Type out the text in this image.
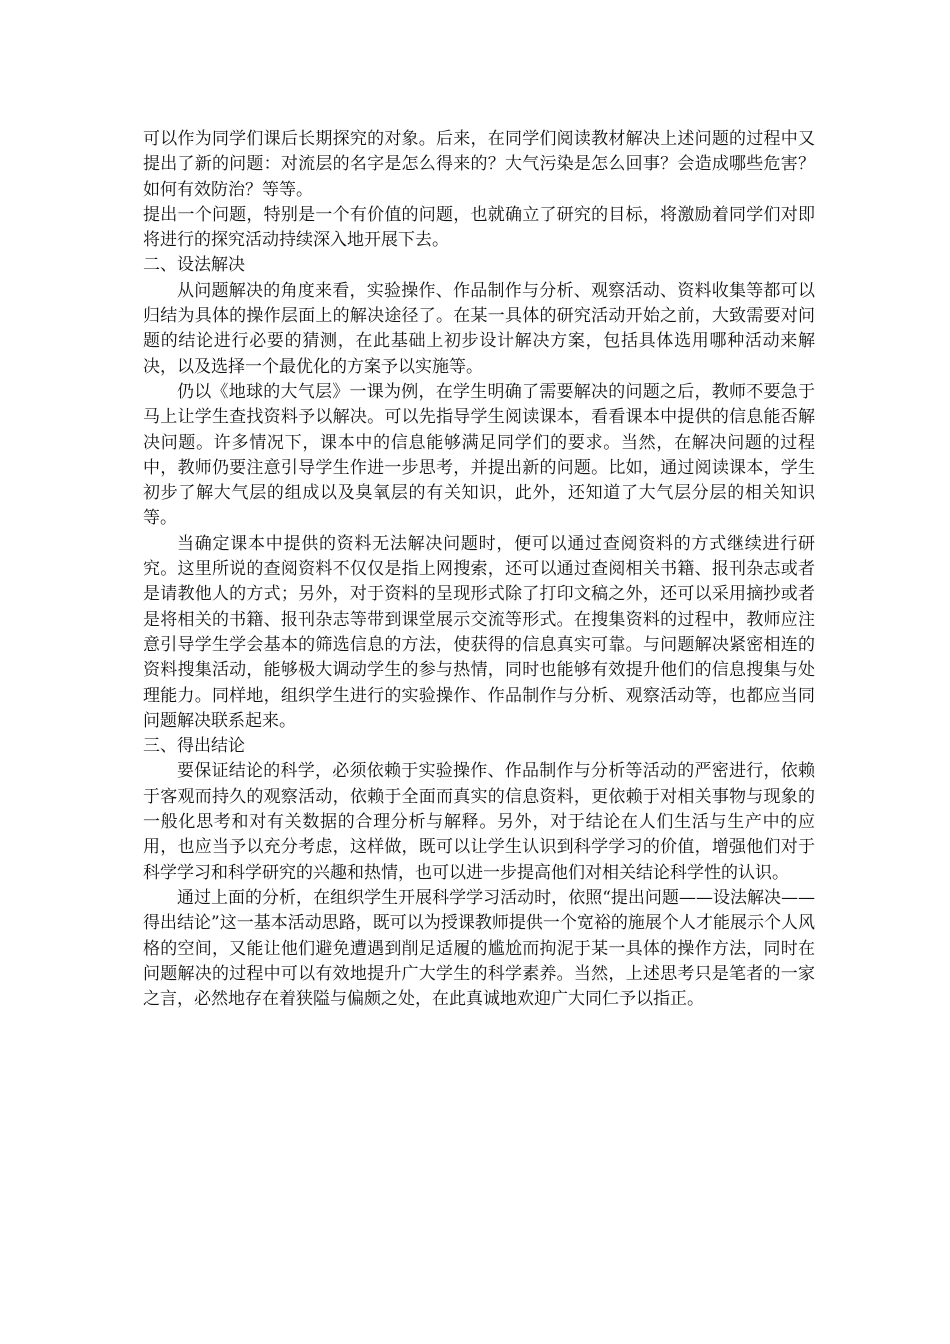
可以作为同学们课后长期探究的对象。后来，在同学们阅读教材解决上述问题的过程中又提出了新的问题：对流层的名字是怎么得来的？大气污染是怎么回事？会造成哪些危害？如何有效防治？等等。

提出一个问题，特别是一个有价值的问题，也就确立了研究的目标，将激励着同学们对即将进行的探究活动持续深入地开展下去。

二、设法解决

从问题解决的角度来看，实验操作、作品制作与分析、观察活动、资料收集等都可以归结为具体的操作层面上的解决途径了。在某一具体的研究活动开始之前，大致需要对问题的结论进行必要的猜测，在此基础上初步设计解决方案，包括具体选用哪种活动来解决，以及选择一个最优化的方案予以实施等。

仍以《地球的大气层》一课为例，在学生明确了需要解决的问题之后，教师不要急于马上让学生查找资料予以解决。可以先指导学生阅读课本，看看课本中提供的信息能否解决问题。许多情况下，课本中的信息能够满足同学们的要求。当然，在解决问题的过程中，教师仍要注意引导学生作进一步思考，并提出新的问题。比如，通过阅读课本，学生初步了解大气层的组成以及臭氧层的有关知识，此外，还知道了大气层分层的相关知识等。

当确定课本中提供的资料无法解决问题时，便可以通过查阅资料的方式继续进行研究。这里所说的查阅资料不仅仅是指上网搜索，还可以通过查阅相关书籍、报刊杂志或者是请教他人的方式；另外，对于资料的呈现形式除了打印文稿之外，还可以采用摘抄或者是将相关的书籍、报刊杂志等带到课堂展示交流等形式。在搜集资料的过程中，教师应注意引导学生学会基本的筛选信息的方法，使获得的信息真实可靠。与问题解决紧密相连的资料搜集活动，能够极大调动学生的参与热情，同时也能够有效提升他们的信息搜集与处理能力。同样地，组织学生进行的实验操作、作品制作与分析、观察活动等，也都应当同问题解决联系起来。

三、得出结论

要保证结论的科学，必须依赖于实验操作、作品制作与分析等活动的严密进行，依赖于客观而持久的观察活动，依赖于全面而真实的信息资料，更依赖于对相关事物与现象的一般化思考和对有关数据的合理分析与解释。另外，对于结论在人们生活与生产中的应用，也应当予以充分考虑，这样做，既可以让学生认识到科学学习的价值，增强他们对于科学学习和科学研究的兴趣和热情，也可以进一步提高他们对相关结论科学性的认识。

通过上面的分析，在组织学生开展科学学习活动时，依照“提出问题——设法解决——得出结论”这一基本活动思路，既可以为授课教师提供一个宽裕的施展个人才能展示个人风格的空间，又能让他们避免遭遇到削足适履的尴尬而拘泥于某一具体的操作方法，同时在问题解决的过程中可以有效地提升广大学生的科学素养。当然，上述思考只是笔者的一家之言，必然地存在着狭隘与偏颇之处，在此真诚地欢迎广大同仁予以指正。
